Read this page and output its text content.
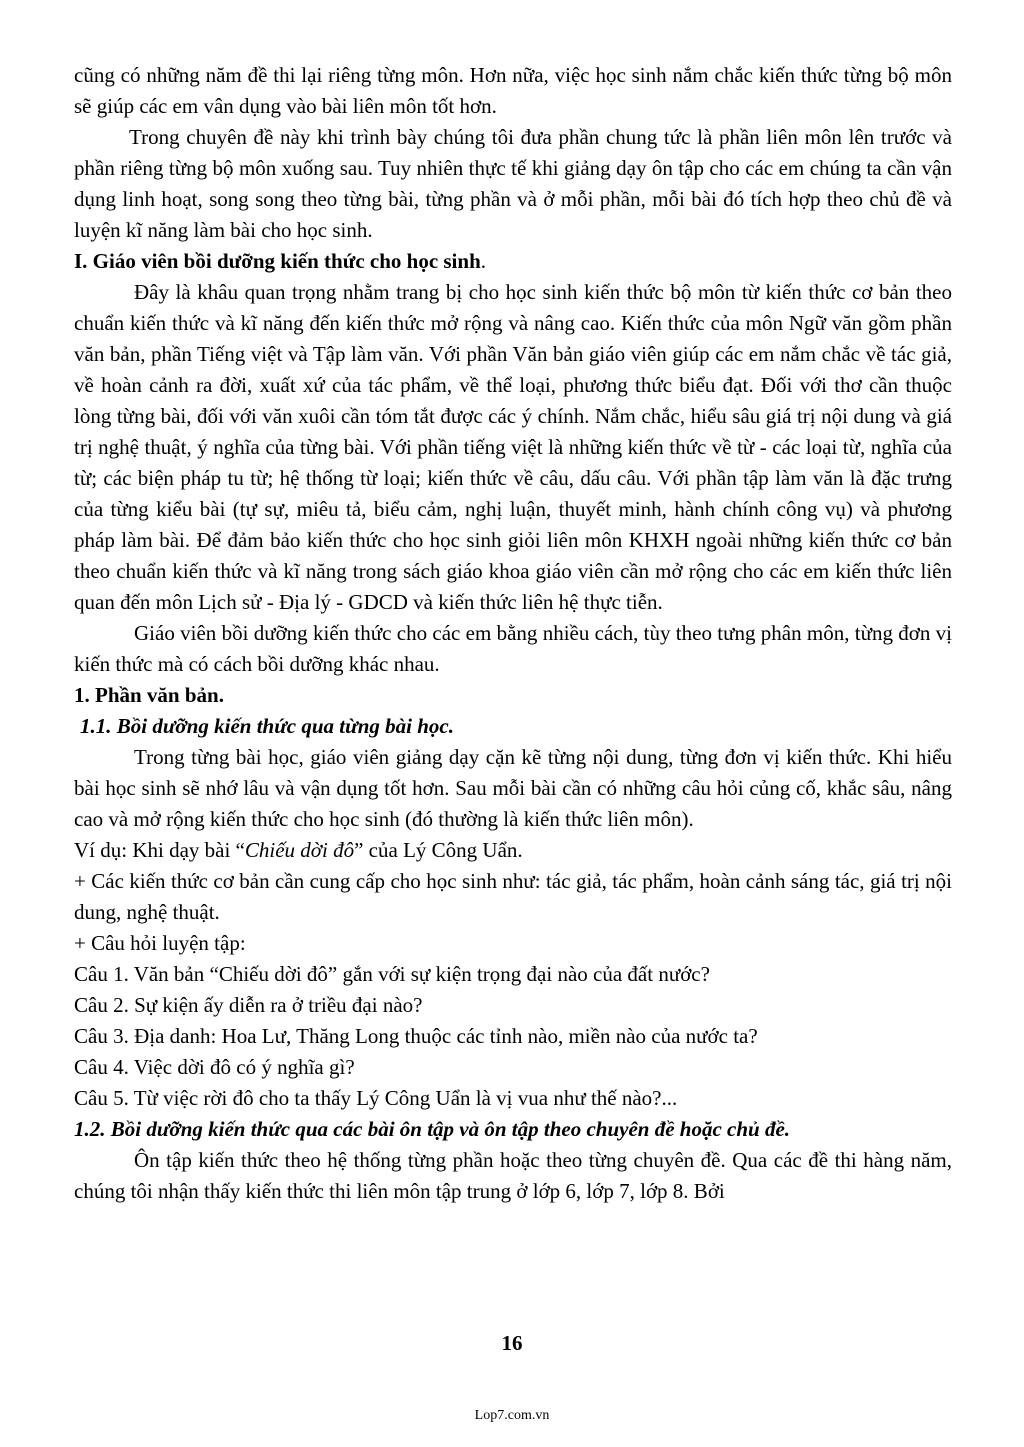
cũng có những năm đề thi lại riêng từng môn. Hơn nữa, việc học sinh nắm chắc kiến thức từng bộ môn sẽ giúp các em vân dụng vào bài liên môn tốt hơn.

Trong chuyên đề này khi trình bày chúng tôi đưa phần chung tức là phần liên môn lên trước và phần riêng từng bộ môn xuống sau. Tuy nhiên thực tế khi giảng dạy ôn tập cho các em chúng ta cần vận dụng linh hoạt, song song theo từng bài, từng phần và ở mỗi phần, mỗi bài đó tích hợp theo chủ đề và luyện kĩ năng làm bài cho học sinh.

I. Giáo viên bồi dưỡng kiến thức cho học sinh.

Đây là khâu quan trọng nhằm trang bị cho học sinh kiến thức bộ môn từ kiến thức cơ bản theo chuẩn kiến thức và kĩ năng đến kiến thức mở rộng và nâng cao. Kiến thức của môn Ngữ văn gồm phần văn bản, phần Tiếng việt và Tập làm văn. Với phần Văn bản giáo viên giúp các em nắm chắc về tác giả, về hoàn cảnh ra đời, xuất xứ của tác phẩm, về thể loại, phương thức biểu đạt. Đối với thơ cần thuộc lòng từng bài, đối với văn xuôi cần tóm tắt được các ý chính. Nắm chắc, hiểu sâu giá trị nội dung và giá trị nghệ thuật, ý nghĩa của từng bài. Với phần tiếng việt là những kiến thức về từ - các loại từ, nghĩa của từ; các biện pháp tu từ; hệ thống từ loại; kiến thức về câu, dấu câu. Với phần tập làm văn là đặc trưng của từng kiểu bài (tự sự, miêu tả, biểu cảm, nghị luận, thuyết minh, hành chính công vụ) và phương pháp làm bài. Để đảm bảo kiến thức cho học sinh giỏi liên môn KHXH ngoài những kiến thức cơ bản theo chuẩn kiến thức và kĩ năng trong sách giáo khoa giáo viên cần mở rộng cho các em kiến thức liên quan đến môn Lịch sử - Địa lý - GDCD và kiến thức liên hệ thực tiễn.

Giáo viên bồi dưỡng kiến thức cho các em bằng nhiều cách, tùy theo tưng phân môn, từng đơn vị kiến thức mà có cách bồi dưỡng khác nhau.

1. Phần văn bản.

1.1. Bồi dưỡng kiến thức qua từng bài học.

Trong từng bài học, giáo viên giảng dạy cặn kẽ từng nội dung, từng đơn vị kiến thức. Khi hiểu bài học sinh sẽ nhớ lâu và vận dụng tốt hơn. Sau mỗi bài cần có những câu hỏi củng cố, khắc sâu, nâng cao và mở rộng kiến thức cho học sinh (đó thường là kiến thức liên môn).

Ví dụ: Khi dạy bài “Chiếu dời đô” của Lý Công Uẩn.

+ Các kiến thức cơ bản cần cung cấp cho học sinh như: tác giả, tác phẩm, hoàn cảnh sáng tác, giá trị nội dung, nghệ thuật.

+ Câu hỏi luyện tập:

Câu 1. Văn bản “Chiếu dời đô” gắn với sự kiện trọng đại nào của đất nước?

Câu 2. Sự kiện ấy diễn ra ở triều đại nào?

Câu 3. Địa danh: Hoa Lư, Thăng Long thuộc các tỉnh nào, miền nào của nước ta?

Câu 4. Việc dời đô có ý nghĩa gì?

Câu 5. Từ việc rời đô cho ta thấy Lý Công Uẩn là vị vua như thế nào?...

1.2. Bồi dưỡng kiến thức qua các bài ôn tập và ôn tập theo chuyên đề hoặc chủ đề.

Ôn tập kiến thức theo hệ thống từng phần hoặc theo từng chuyên đề. Qua các đề thi hàng năm, chúng tôi nhận thấy kiến thức thi liên môn tập trung ở lớp 6, lớp 7, lớp 8. Bởi

16
Lop7.com.vn
